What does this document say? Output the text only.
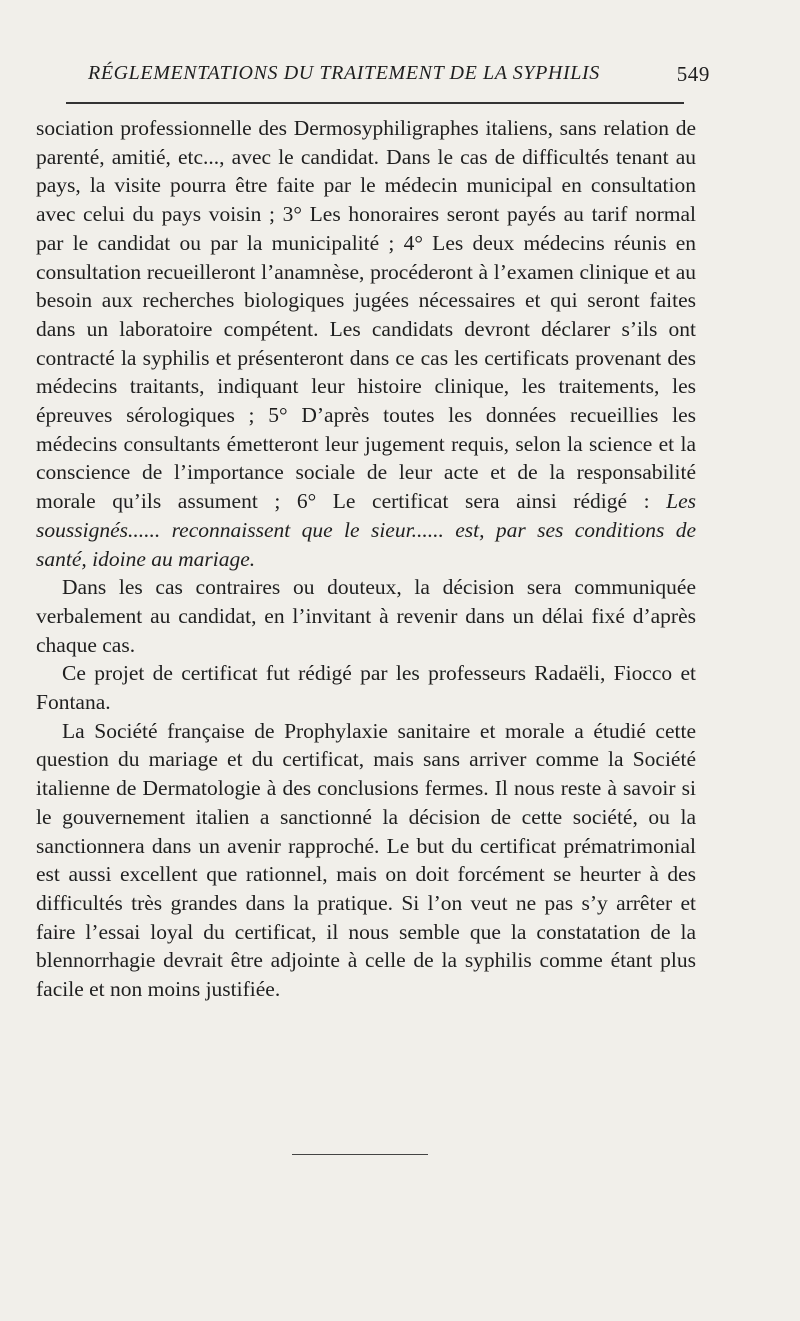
RÉGLEMENTATIONS DU TRAITEMENT DE LA SYPHILIS	549

sociation professionnelle des Dermosyphiligraphes italiens, sans relation de parenté, amitié, etc..., avec le candidat. Dans le cas de difficultés tenant au pays, la visite pourra être faite par le médecin municipal en consultation avec celui du pays voisin ; 3° Les honoraires seront payés au tarif normal par le candidat ou par la municipalité ; 4° Les deux médecins réunis en consultation recueilleront l’anamnèse, procéderont à l’examen clinique et au besoin aux recherches biologiques jugées nécessaires et qui seront faites dans un laboratoire compétent. Les candidats devront déclarer s’ils ont contracté la syphilis et présenteront dans ce cas les certificats provenant des médecins traitants, indiquant leur histoire clinique, les traitements, les épreuves sérologiques ; 5° D’après toutes les données recueillies les médecins consultants émetteront leur jugement requis, selon la science et la conscience de l’importance sociale de leur acte et de la responsabilité morale qu’ils assument ; 6° Le certificat sera ainsi rédigé : Les soussignés...... reconnaissent que le sieur...... est, par ses conditions de santé, idoine au mariage.

Dans les cas contraires ou douteux, la décision sera communiquée verbalement au candidat, en l’invitant à revenir dans un délai fixé d’après chaque cas.

Ce projet de certificat fut rédigé par les professeurs Radaëli, Fiocco et Fontana.

La Société française de Prophylaxie sanitaire et morale a étudié cette question du mariage et du certificat, mais sans arriver comme la Société italienne de Dermatologie à des conclusions fermes. Il nous reste à savoir si le gouvernement italien a sanctionné la décision de cette société, ou la sanctionnera dans un avenir rapproché. Le but du certificat prématrimonial est aussi excellent que rationnel, mais on doit forcément se heurter à des difficultés très grandes dans la pratique. Si l’on veut ne pas s’y arrêter et faire l’essai loyal du certificat, il nous semble que la constatation de la blennorrhagie devrait être adjointe à celle de la syphilis comme étant plus facile et non moins justifiée.
